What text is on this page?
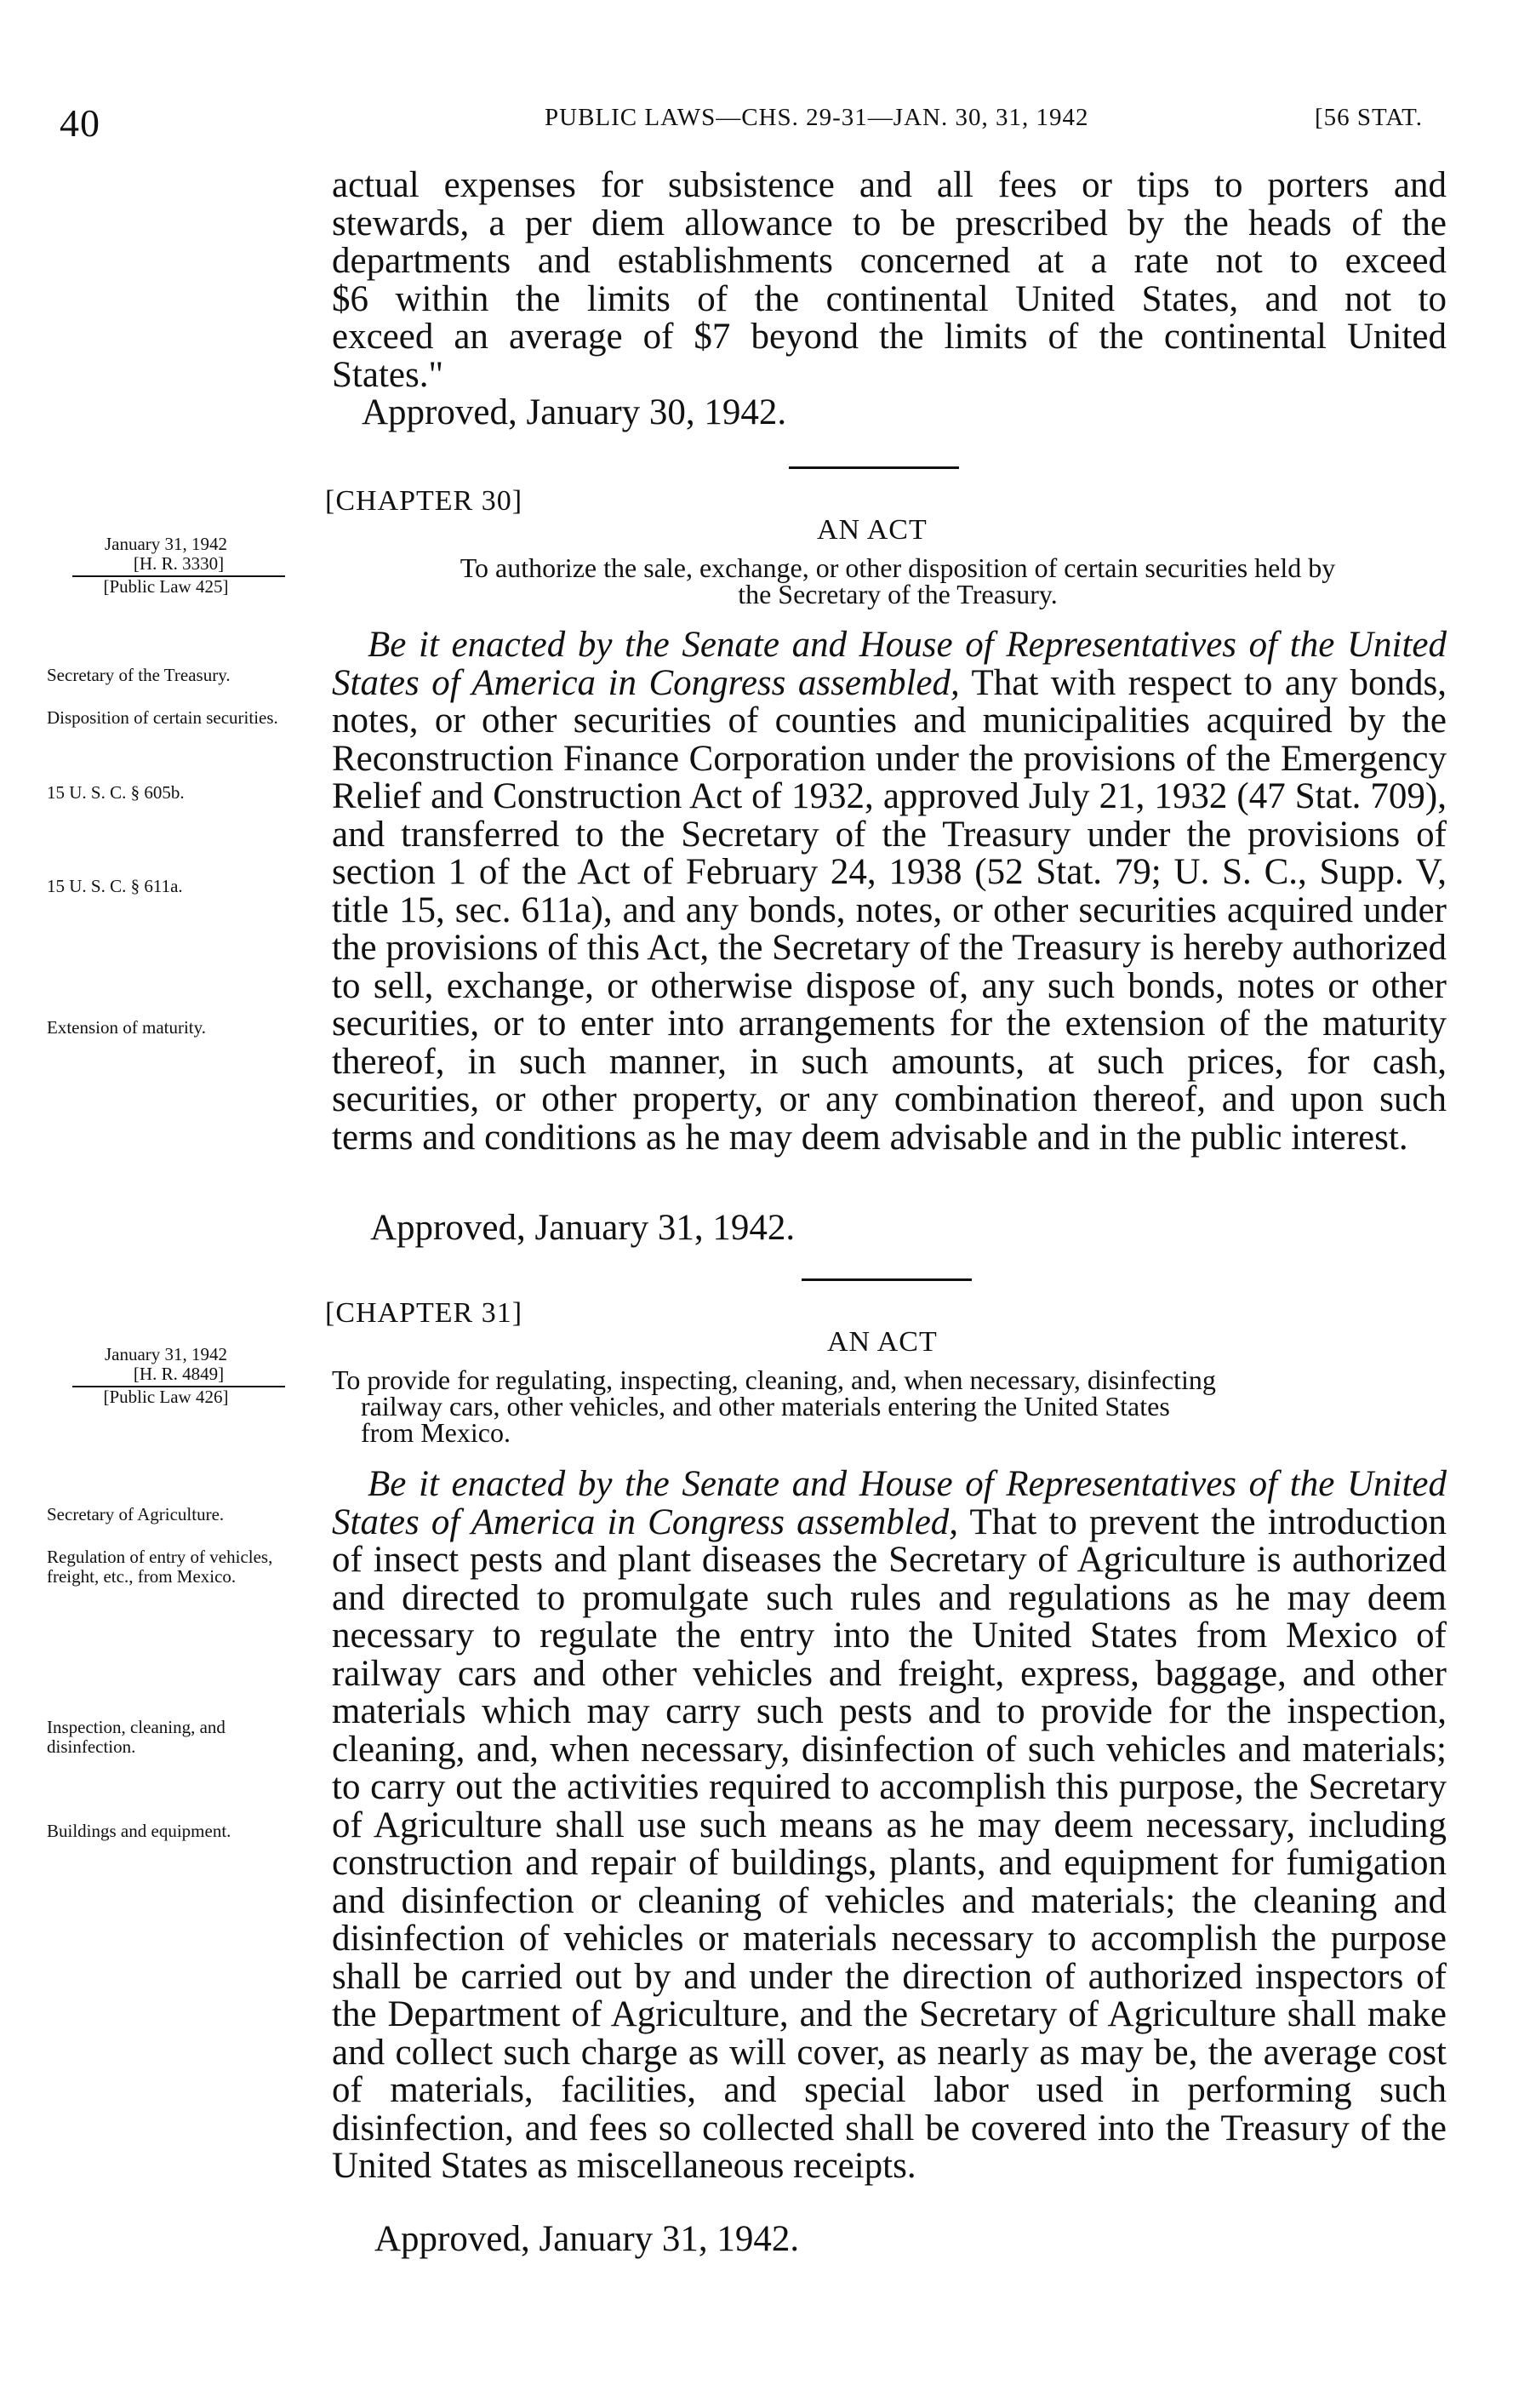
40	PUBLIC LAWS—CHS. 29-31—JAN. 30, 31, 1942	[56 STAT.

actual expenses for subsistence and all fees or tips to porters and

stewards, a per diem allowance to be prescribed by the heads of the

departments and establishments concerned at a rate not to exceed

$6 within the limits of the continental United States, and not to

exceed an average of $7 beyond the limits of the continental United

States."

Approved, January 30, 1942.
[CHAPTER 30]
AN ACT
To authorize the sale, exchange, or other disposition of certain securities held by
the Secretary of the Treasury.
January 31, 1942
[H. R. 3330]
[Public Law 425]
Secretary of the Treasury.
Disposition of certain securities.
15 U. S. C. § 605b.
15 U. S. C. § 611a.
Extension of maturity.

Be it enacted by the Senate and House of Representatives of the United States of America in Congress assembled, That with respect to any bonds, notes, or other securities of counties and municipalities acquired by the Reconstruction Finance Corporation under the provisions of the Emergency Relief and Construction Act of 1932, approved July 21, 1932 (47 Stat. 709), and transferred to the Secretary of the Treasury under the provisions of section 1 of the Act of February 24, 1938 (52 Stat. 79; U. S. C., Supp. V, title 15, sec. 611a), and any bonds, notes, or other securities acquired under the provisions of this Act, the Secretary of the Treasury is hereby authorized to sell, exchange, or otherwise dispose of, any such bonds, notes or other securities, or to enter into arrangements for the extension of the maturity thereof, in such manner, in such amounts, at such prices, for cash, securities, or other property, or any combination thereof, and upon such terms and conditions as he may deem advisable and in the public interest.

Approved, January 31, 1942.
[CHAPTER 31]
AN ACT
To provide for regulating, inspecting, cleaning, and, when necessary, disinfecting
railway cars, other vehicles, and other materials entering the United States
from Mexico.
January 31, 1942
[H. R. 4849]
[Public Law 426]
Secretary of Agriculture.
Regulation of entry of vehicles, freight, etc., from Mexico.
Inspection, cleaning, and disinfection.
Buildings and equipment.

Be it enacted by the Senate and House of Representatives of the United States of America in Congress assembled, That to prevent the introduction of insect pests and plant diseases the Secretary of Agriculture is authorized and directed to promulgate such rules and regulations as he may deem necessary to regulate the entry into the United States from Mexico of railway cars and other vehicles and freight, express, baggage, and other materials which may carry such pests and to provide for the inspection, cleaning, and, when necessary, disinfection of such vehicles and materials; to carry out the activities required to accomplish this purpose, the Secretary of Agriculture shall use such means as he may deem necessary, including construction and repair of buildings, plants, and equipment for fumigation and disinfection or cleaning of vehicles and materials; the cleaning and disinfection of vehicles or materials necessary to accomplish the purpose shall be carried out by and under the direction of authorized inspectors of the Department of Agriculture, and the Secretary of Agriculture shall make and collect such charge as will cover, as nearly as may be, the average cost of materials, facilities, and special labor used in performing such disinfection, and fees so collected shall be covered into the Treasury of the United States as miscellaneous receipts.

Approved, January 31, 1942.
